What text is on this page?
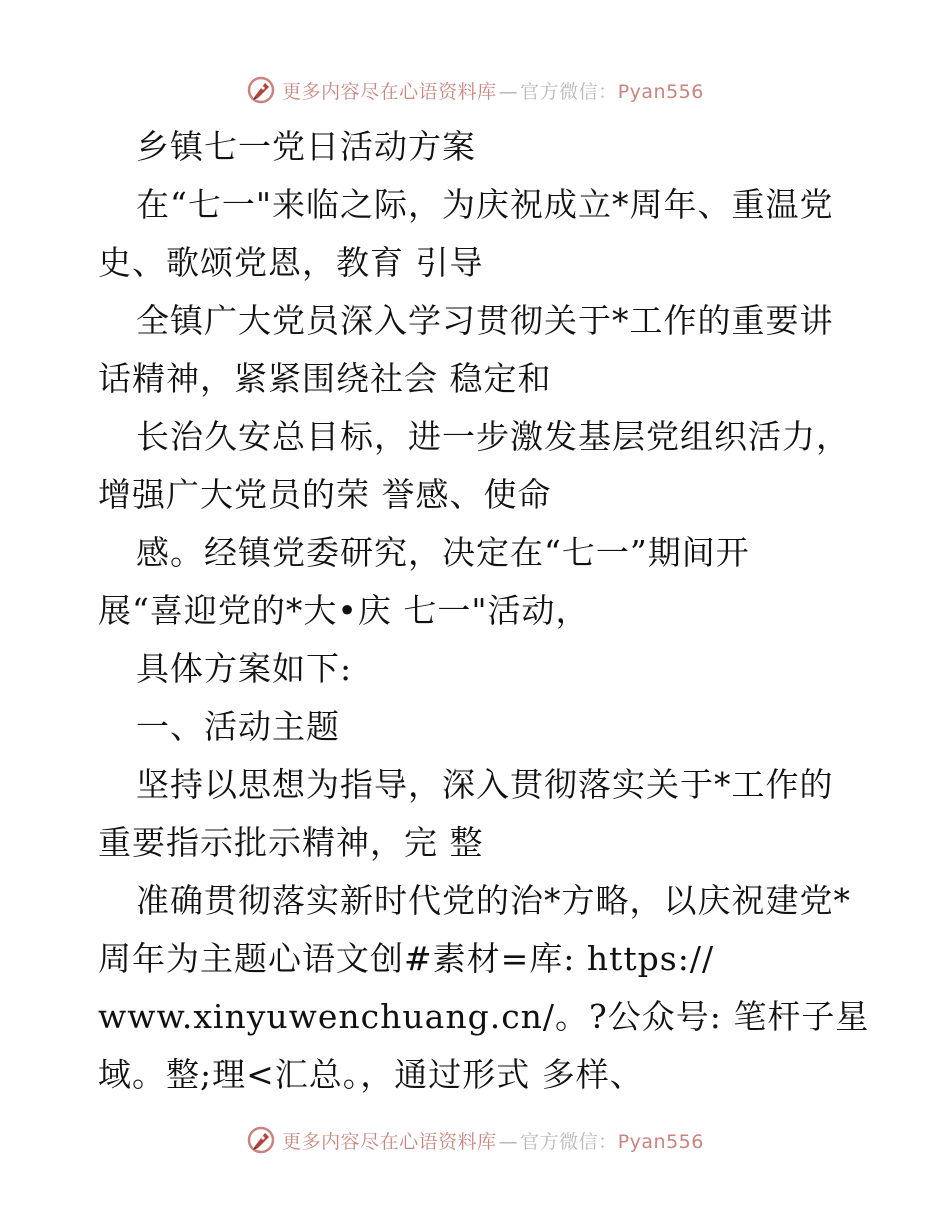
更多内容尽在心语资料库 — 官方微信：Pyan556
乡镇七一党日活动方案
在“七一"来临之际，为庆祝成立*周年、重温党
史、歌颂党恩，教育 引导
全镇广大党员深入学习贯彻关于*工作的重要讲
话精神，紧紧围绕社会 稳定和
长治久安总目标，进一步激发基层党组织活力，
增强广大党员的荣 誉感、使命
感。经镇党委研究，决定在“七一”期间开
展“喜迎党的*大•庆 七一"活动，
具体方案如下:
一、活动主题
坚持以思想为指导，深入贯彻落实关于*工作的
重要指示批示精神，完 整
准确贯彻落实新时代党的治*方略，以庆祝建党*
周年为主题心语文创#素材=库: https://
www.xinyuwenchuang.cn/。?公众号: 笔杆子星
域。整;理<汇总。，通过形式 多样、
更多内容尽在心语资料库 — 官方微信：Pyan556
